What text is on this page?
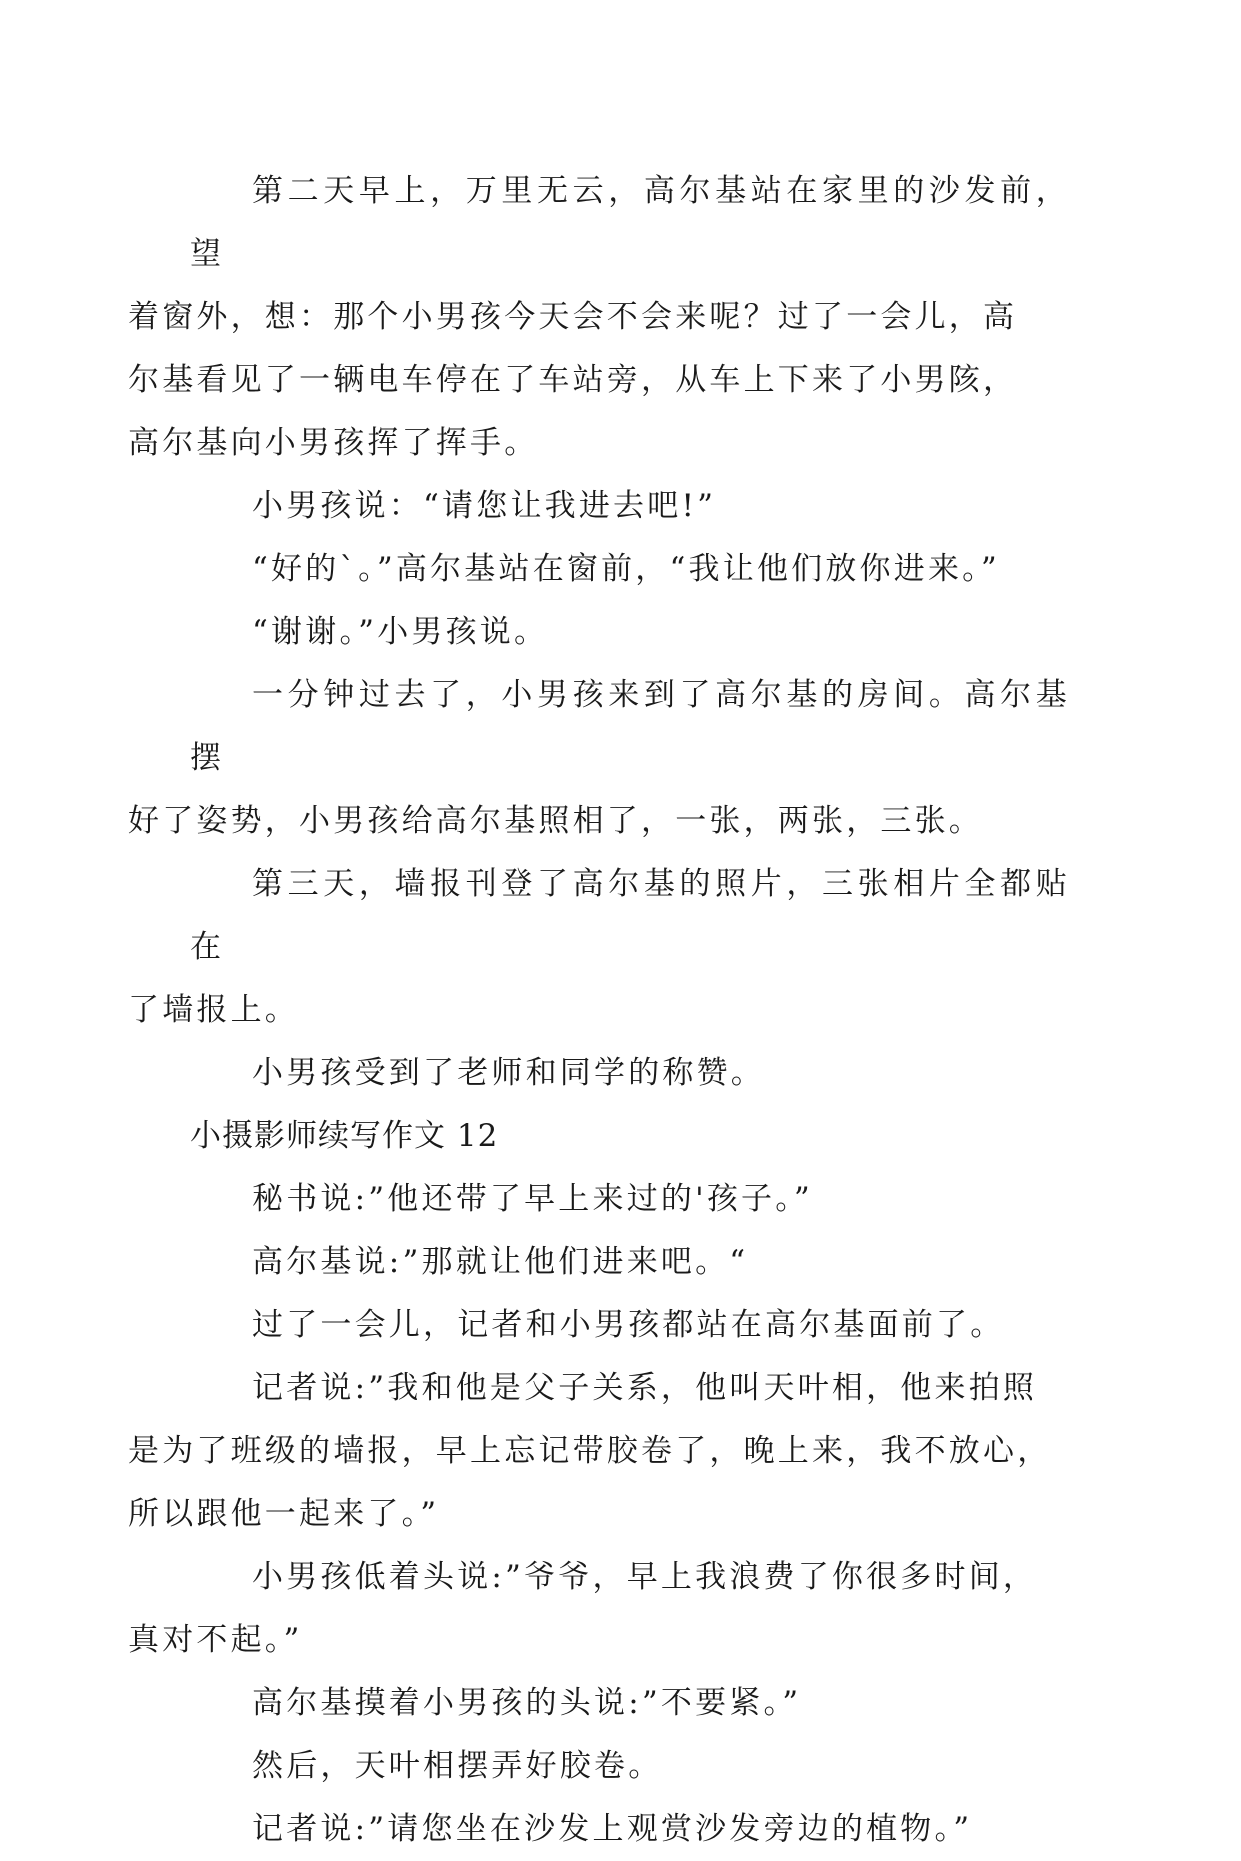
第二天早上，万里无云，高尔基站在家里的沙发前，望
着窗外，想：那个小男孩今天会不会来呢？过了一会儿，高
尔基看见了一辆电车停在了车站旁，从车上下来了小男陔，
高尔基向小男孩挥了挥手。

小男孩说：“请您让我进去吧!”

“好的`。”高尔基站在窗前，“我让他们放你进来。”

“谢谢。”小男孩说。

一分钟过去了，小男孩来到了高尔基的房间。高尔基摆
好了姿势，小男孩给高尔基照相了，一张，两张，三张。

第三天，墙报刊登了高尔基的照片，三张相片全都贴在
了墙报上。

小男孩受到了老师和同学的称赞。

小摄影师续写作文 12

秘书说:”他还带了早上来过的'孩子。”

高尔基说:”那就让他们进来吧。“

过了一会儿，记者和小男孩都站在高尔基面前了。

记者说:”我和他是父子关系，他叫天叶相，他来拍照
是为了班级的墙报，早上忘记带胶卷了，晚上来，我不放心，
所以跟他一起来了。”

小男孩低着头说:”爷爷，早上我浪费了你很多时间，
真对不起。”

高尔基摸着小男孩的头说:”不要紧。”

然后，天叶相摆弄好胶卷。

记者说:”请您坐在沙发上观赏沙发旁边的植物。”
